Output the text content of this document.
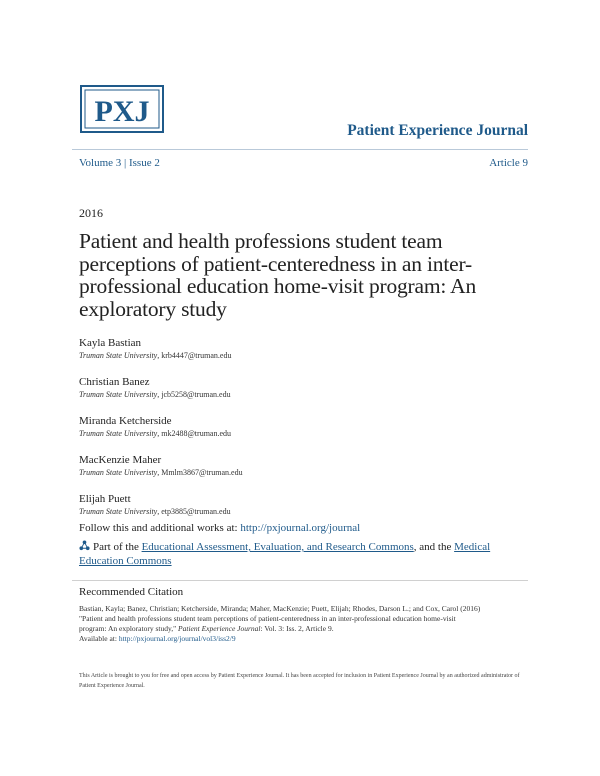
PXJ
Patient Experience Journal
Volume 3 | Issue 2	Article 9
2016
Patient and health professions student team perceptions of patient-centeredness in an inter-professional education home-visit program: An exploratory study
Kayla Bastian
Truman State University, krb4447@truman.edu
Christian Banez
Truman State University, jcb5258@truman.edu
Miranda Ketcherside
Truman State University, mk2488@truman.edu
MacKenzie Maher
Truman State Univeristy, Mmlm3867@truman.edu
Elijah Puett
Truman State University, etp3885@truman.edu
Follow this and additional works at: http://pxjournal.org/journal
Part of the Educational Assessment, Evaluation, and Research Commons, and the Medical Education Commons
Recommended Citation
Bastian, Kayla; Banez, Christian; Ketcherside, Miranda; Maher, MacKenzie; Puett, Elijah; Rhodes, Darson L.; and Cox, Carol (2016)
"Patient and health professions student team perceptions of patient-centeredness in an inter-professional education home-visit
program: An exploratory study," Patient Experience Journal: Vol. 3: Iss. 2, Article 9.
Available at: http://pxjournal.org/journal/vol3/iss2/9
This Article is brought to you for free and open access by Patient Experience Journal. It has been accepted for inclusion in Patient Experience Journal by an authorized administrator of Patient Experience Journal.
